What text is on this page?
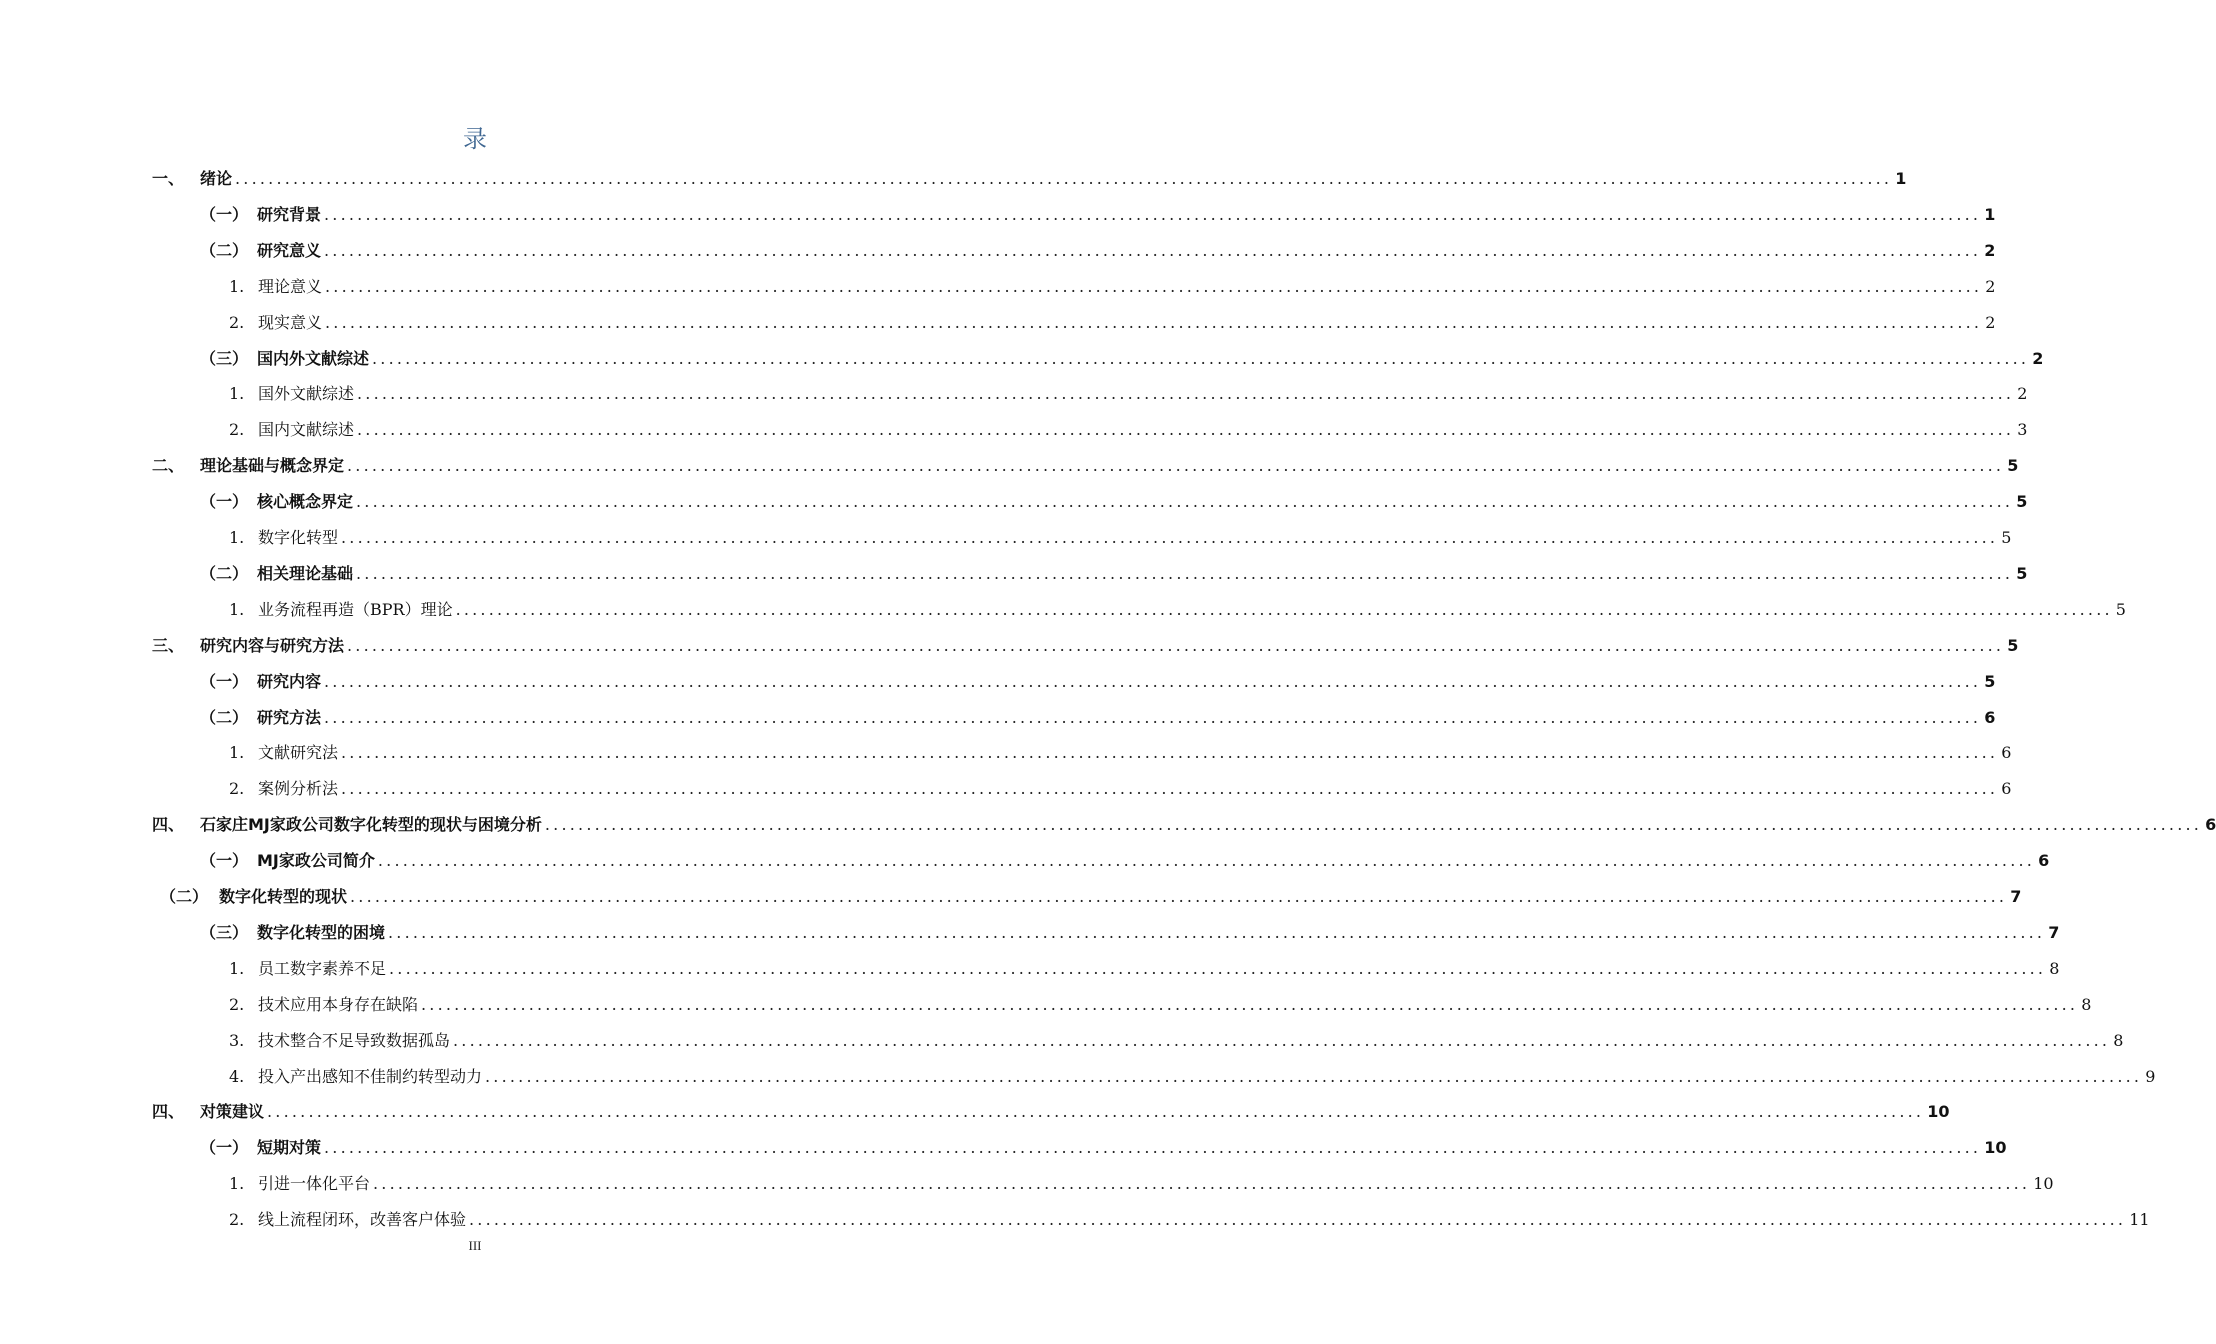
录
一、 绪论 ........................................................................................................................................................................................................ 1
（一） 研究背景 ........................................................................................................................................................................................................ 1
（二） 研究意义 ........................................................................................................................................................................................................ 2
1. 理论意义 ........................................................................................................................................................................................................ 2
2. 现实意义 ........................................................................................................................................................................................................ 2
（三） 国内外文献综述 ........................................................................................................................................................................................................ 2
1. 国外文献综述 ........................................................................................................................................................................................................ 2
2. 国内文献综述 ........................................................................................................................................................................................................ 3
二、 理论基础与概念界定 ........................................................................................................................................................................................................ 5
（一） 核心概念界定 ........................................................................................................................................................................................................ 5
1. 数字化转型 ........................................................................................................................................................................................................ 5
（二） 相关理论基础 ........................................................................................................................................................................................................ 5
1. 业务流程再造（BPR）理论 ........................................................................................................................................................................................................ 5
三、 研究内容与研究方法 ........................................................................................................................................................................................................ 5
（一） 研究内容 ........................................................................................................................................................................................................ 5
（二） 研究方法 ........................................................................................................................................................................................................ 6
1. 文献研究法 ........................................................................................................................................................................................................ 6
2. 案例分析法 ........................................................................................................................................................................................................ 6
四、 石家庄MJ家政公司数字化转型的现状与困境分析 ........................................................................................................................................................................................................ 6
（一） MJ家政公司简介 ........................................................................................................................................................................................................ 6
（二） 数字化转型的现状 ........................................................................................................................................................................................................ 7
（三） 数字化转型的困境 ........................................................................................................................................................................................................ 7
1. 员工数字素养不足 ........................................................................................................................................................................................................ 8
2. 技术应用本身存在缺陷 ........................................................................................................................................................................................................ 8
3. 技术整合不足导致数据孤岛 ........................................................................................................................................................................................................ 8
4. 投入产出感知不佳制约转型动力 ........................................................................................................................................................................................................ 9
四、 对策建议 ........................................................................................................................................................................................................ 10
（一） 短期对策 ........................................................................................................................................................................................................ 10
1. 引进一体化平台 ........................................................................................................................................................................................................ 10
2. 线上流程闭环，改善客户体验 ........................................................................................................................................................................................................ 11
III
